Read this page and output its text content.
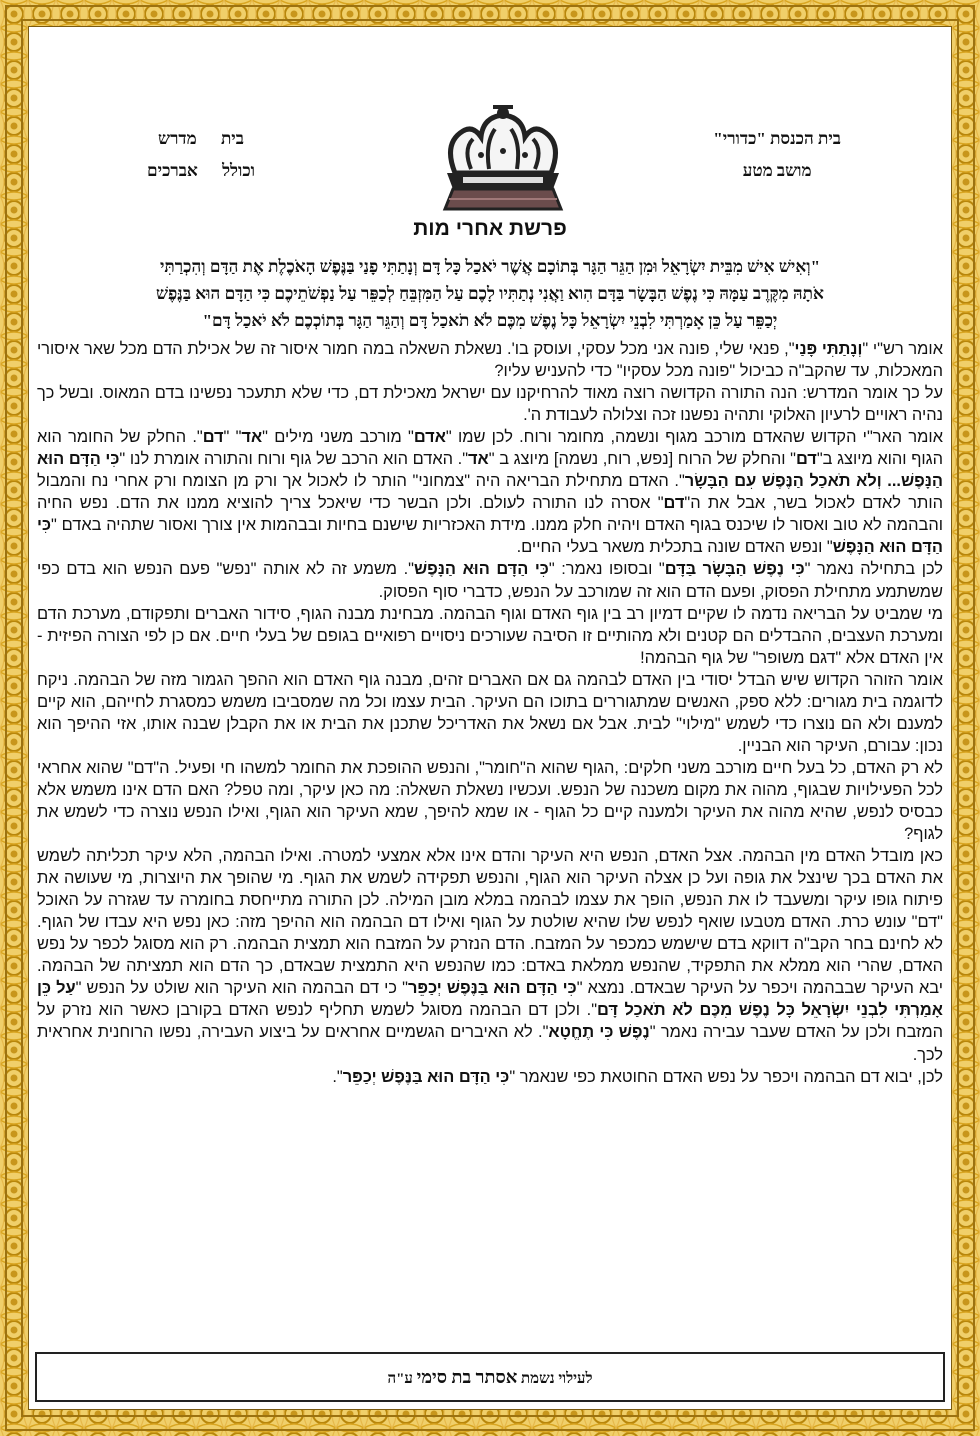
בית הכנסת "כדורי"
מושב מטע
בית מדרש
וכולל אברכים
פרשת אחרי מות
"וְאִישׁ אִישׁ מִבֵּית יִשְׂרָאֵל וּמִן הַגֵּר הַגָּר בְּתוֹכָם אֲשֶׁר יֹאכַל כָּל דָּם וְנָתַתִּי פָנַי בַּנֶּפֶשׁ הָאֹכֶלֶת אֶת הַדָּם וְהִכְרַתִּי
אֹתָהּ מִקֶּרֶב עַמָּהּ כִּי נֶפֶשׁ הַבָּשָׂר בַּדָּם הִוא וַאֲנִי נְתַתִּיו לָכֶם עַל הַמִּזְבֵּחַ לְכַפֵּר עַל נַפְשֹׁתֵיכֶם כִּי הַדָּם הוּא בַּנֶּפֶשׁ
יְכַפֵּר עַל כֵּן אָמַרְתִּי לִבְנֵי יִשְׂרָאֵל כָּל נֶפֶשׁ מִכֶּם לֹא תֹאכַל דָּם וְהַגֵּר הַגָּר בְּתוֹכְכֶם לֹא יֹאכַל דָּם"

אומר רש"י "וְנָתַתִּי פָּנַי", פנאי שלי, פונה אני מכל עסקי, ועוסק בו'. נשאלת השאלה במה חמור איסור זה של אכילת הדם מכל שאר איסורי המאכלות, עד שהקב"ה כביכול "פונה מכל עסקיו" כדי להעניש עליו?

על כך אומר המדרש: הנה התורה הקדושה רוצה מאוד להרחיקנו עם ישראל מאכילת דם, כדי שלא תתעכר נפשינו בדם המאוס. ובשל כך נהיה ראויים לרעיון האלוקי ותהיה נפשנו זכה וצלולה לעבודת ה'.

אומר האר"י הקדוש שהאדם מורכב מגוף ונשמה, מחומר ורוח. לכן שמו "אדם" מורכב משני מילים "אד" "דם". החלק של החומר הוא הגוף והוא מיוצג ב"דם" והחלק של הרוח [נפש, רוח, נשמה] מיוצג ב "אד". האדם הוא הרכב של גוף ורוח והתורה אומרת לנו "כִּי הַדָּם הוּא הַנָּפֶשׁ... וְלֹא תֹאכַל הַנֶּפֶשׁ עִם הַבָּשָׂר". האדם מתחילת הבריאה היה "צמחוני" הותר לו לאכול אך ורק מן הצומח ורק אחרי נח והמבול הותר לאדם לאכול בשר, אבל את ה"דם" אסרה לנו התורה לעולם. ולכן הבשר כדי שיאכל צריך להוציא ממנו את הדם. נפש החיה והבהמה לא טוב ואסור לו שיכנס בגוף האדם ויהיה חלק ממנו. מידת האכזריות שישנם בחיות ובבהמות אין צורך ואסור שתהיה באדם "כִּי הַדָּם הוּא הַנָּפֶשׁ" ונפש האדם שונה בתכלית משאר בעלי החיים.

לכן בתחילה נאמר "כִּי נֶפֶשׁ הַבָּשָׂר בַּדָּם" ובסופו נאמר: "כִּי הַדָּם הוּא הַנָּפֶשׁ". משמע זה לא אותה "נפש" פעם הנפש הוא בדם כפי שמשתמע מתחילת הפסוק, ופעם הדם הוא זה שמורכב על הנפש, כדברי סוף הפסוק.

מי שמביט על הבריאה נדמה לו שקיים דמיון רב בין גוף האדם וגוף הבהמה. מבחינת מבנה הגוף, סידור האברים ותפקודם, מערכת הדם ומערכת העצבים, ההבדלים הם קטנים ולא מהותיים זו הסיבה שעורכים ניסויים רפואיים בגופם של בעלי חיים. אם כן לפי הצורה הפיזית - אין האדם אלא "דגם משופר" של גוף הבהמה!

אומר הזוהר הקדוש שיש הבדל יסודי בין האדם לבהמה גם אם האברים זהים, מבנה גוף האדם הוא ההפך הגמור מזה של הבהמה. ניקח לדוגמה בית מגורים: ללא ספק, האנשים שמתגוררים בתוכו הם העיקר. הבית עצמו וכל מה שמסביבו משמש כמסגרת לחייהם, הוא קיים למענם ולא הם נוצרו כדי לשמש "מילוי" לבית. אבל אם נשאל את האדריכל שתכנן את הבית או את הקבלן שבנה אותו, אזי ההיפך הוא נכון: עבורם, העיקר הוא הבניין.

לא רק האדם, כל בעל חיים מורכב משני חלקים: ,הגוף שהוא ה"חומר", והנפש ההופכת את החומר למשהו חי ופעיל. ה"דם" שהוא אחראי לכל הפעילויות שבגוף, מהוה את מקום משכנה של הנפש. ועכשיו נשאלת השאלה: מה כאן עיקר, ומה טפל? האם הדם אינו משמש אלא כבסיס לנפש, שהיא מהוה את העיקר ולמענה קיים כל הגוף - או שמא להיפך, שמא העיקר הוא הגוף, ואילו הנפש נוצרה כדי לשמש את לגוף?

כאן מובדל האדם מין הבהמה. אצל האדם, הנפש היא העיקר והדם אינו אלא אמצעי למטרה. ואילו הבהמה, הלא עיקר תכליתה לשמש את האדם בכך שינצל את גופה ועל כן אצלה העיקר הוא הגוף, והנפש תפקידה לשמש את הגוף. מי שהופך את היוצרות, מי שעושה את פיתוח גופו עיקר ומשעבד לו את הנפש, הופך את עצמו לבהמה במלא מובן המילה. לכן התורה מתייחסת בחומרה עד שגזרה על האוכל "דם" עונש כרת. האדם מטבעו שואף לנפש שלו שהיא שולטת על הגוף ואילו דם הבהמה הוא ההיפך מזה: כאן נפש היא עבדו של הגוף. לא לחינם בחר הקב"ה דווקא בדם שישמש כמכפר על המזבח. הדם הנזרק על המזבח הוא תמצית הבהמה. רק הוא מסוגל לכפר על נפש האדם, שהרי הוא ממלא את התפקיד, שהנפש ממלאת באדם: כמו שהנפש היא התמצית שבאדם, כך הדם הוא תמציתה של הבהמה. יבא העיקר שבבהמה ויכפר על העיקר שבאדם. נמצא "כִּי הַדָּם הוּא בַּנֶּפֶשׁ יְכַפֵּר" כי דם הבהמה הוא העיקר הוא שולט על הנפש "עַל כֵּן אָמַרְתִּי לִבְנֵי יִשְׂרָאֵל כָּל נֶפֶשׁ מִכֶּם לֹא תֹאכַל דָּם". ולכן דם הבהמה מסוגל לשמש תחליף לנפש האדם בקורבן כאשר הוא נזרק על המזבח ולכן על האדם שעבר עבירה נאמר "נֶפֶשׁ כִּי תֶחֱטָא". לא האיברים הגשמיים אחראים על ביצוע העבירה, נפשו הרוחנית אחראית לכך.

לכן, יבוא דם הבהמה ויכפר על נפש האדם החוטאת כפי שנאמר "כִּי הַדָּם הוּא בַּנֶּפֶשׁ יְכַפֵּר".

לעילוי נשמת אסתר בת סימי ע"ה
